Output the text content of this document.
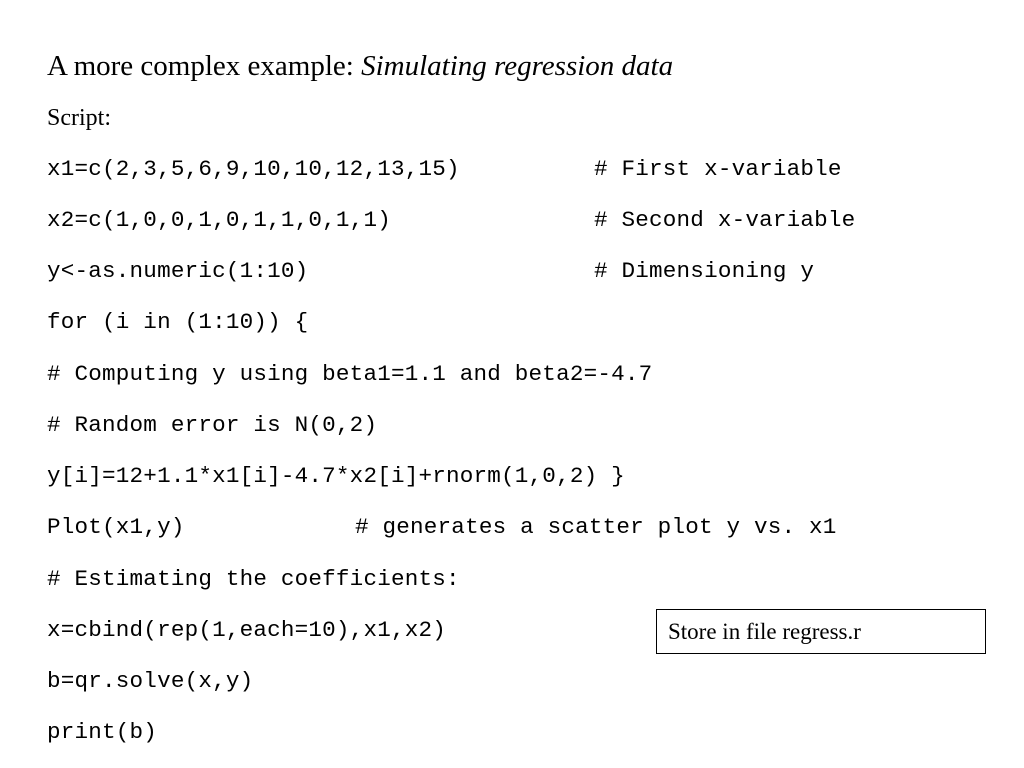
A more complex example: Simulating regression data
Script:
x1=c(2,3,5,6,9,10,10,12,13,15)	# First x-variable
x2=c(1,0,0,1,0,1,1,0,1,1)	# Second x-variable
y<-as.numeric(1:10)	# Dimensioning y
for (i in (1:10)) {
# Computing y using beta1=1.1 and beta2=-4.7
# Random error is N(0,2)
y[i]=12+1.1*x1[i]-4.7*x2[i]+rnorm(1,0,2) }
Plot(x1,y)	# generates a scatter plot y vs. x1
# Estimating the coefficients:
x=cbind(rep(1,each=10),x1,x2)
b=qr.solve(x,y)
print(b)
Store in file regress.r
